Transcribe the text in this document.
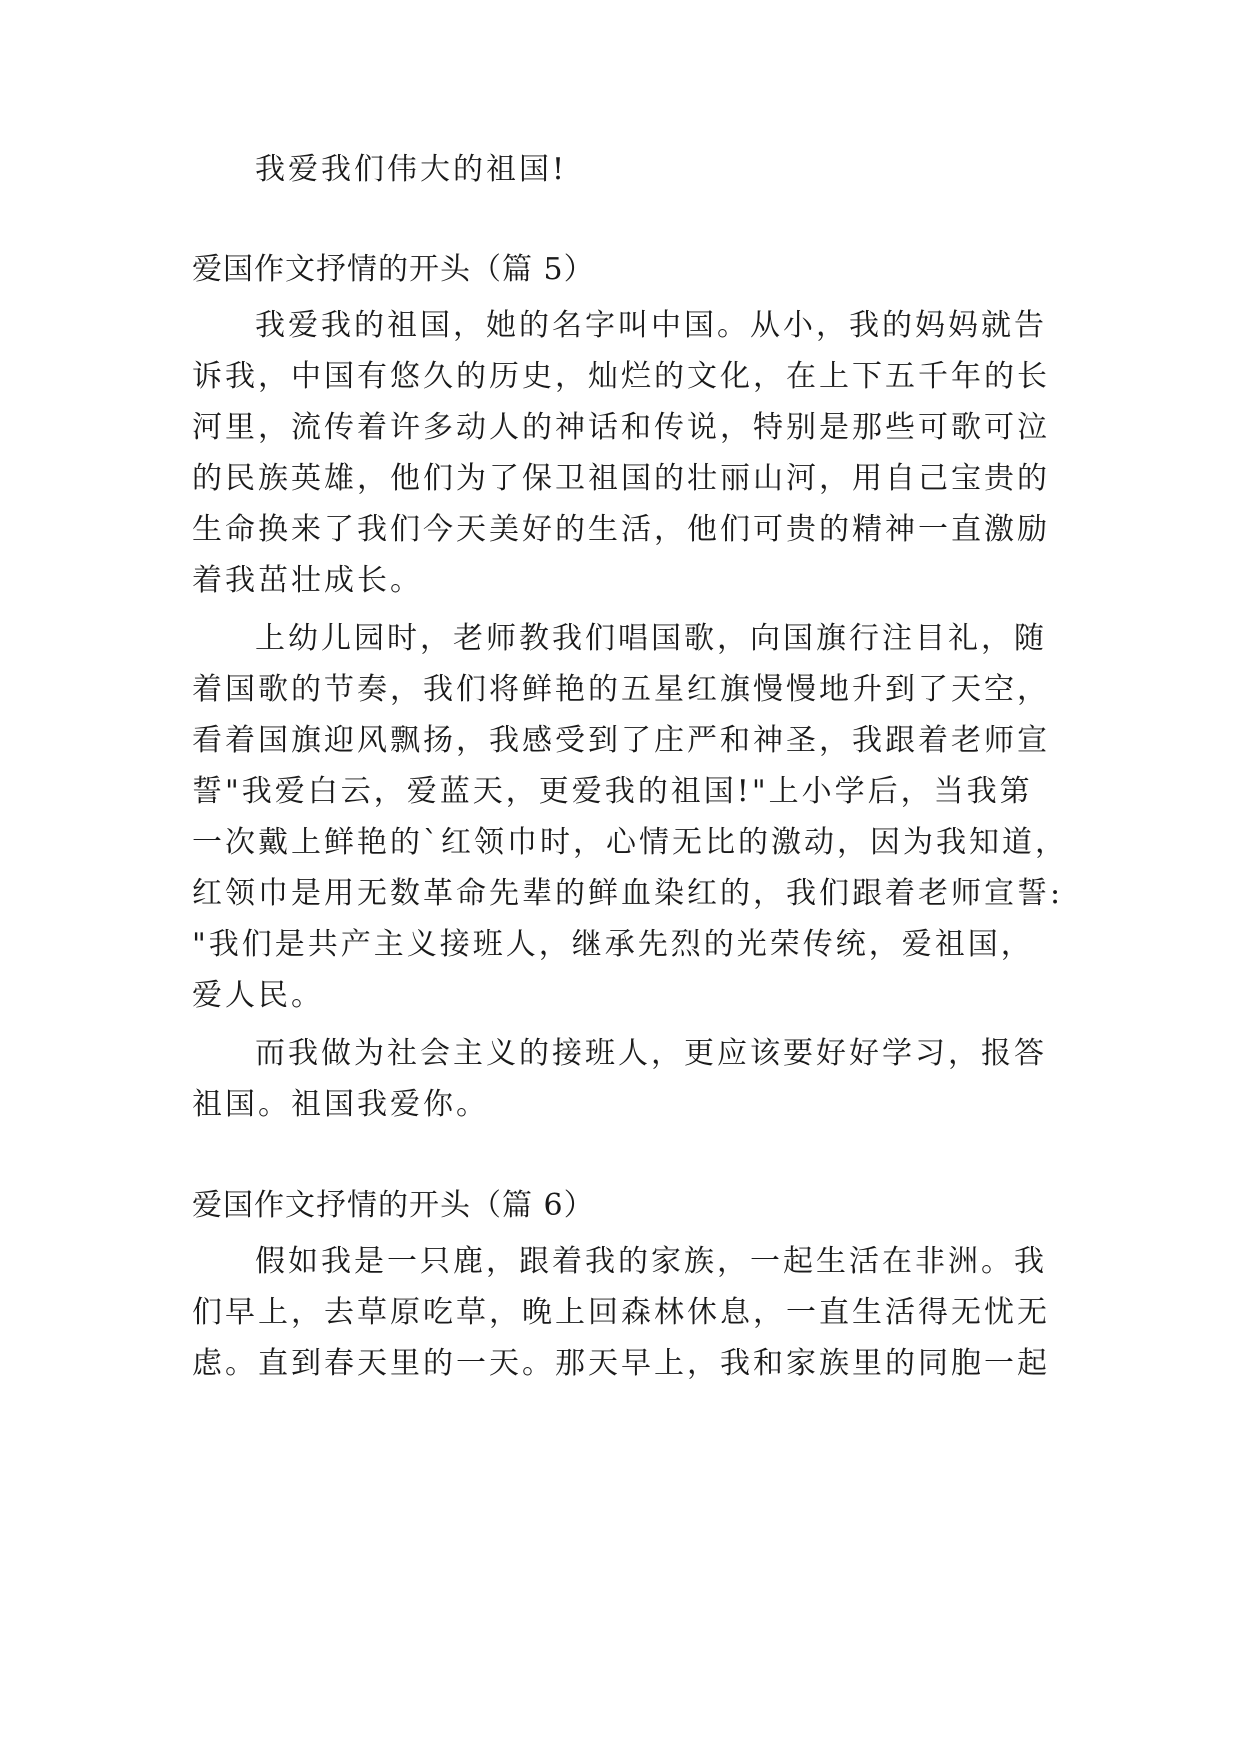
我爱我们伟大的祖国!
爱国作文抒情的开头（篇 5）
我爱我的祖国，她的名字叫中国。从小，我的妈妈就告
诉我，中国有悠久的历史，灿烂的文化，在上下五千年的长
河里，流传着许多动人的神话和传说，特别是那些可歌可泣
的民族英雄，他们为了保卫祖国的壮丽山河，用自己宝贵的
生命换来了我们今天美好的生活，他们可贵的精神一直激励
着我茁壮成长。
上幼儿园时，老师教我们唱国歌，向国旗行注目礼，随
着国歌的节奏，我们将鲜艳的五星红旗慢慢地升到了天空，
看着国旗迎风飘扬，我感受到了庄严和神圣，我跟着老师宣
誓"我爱白云，爱蓝天，更爱我的祖国!"上小学后，当我第
一次戴上鲜艳的`红领巾时，心情无比的激动，因为我知道，
红领巾是用无数革命先辈的鲜血染红的，我们跟着老师宣誓:
"我们是共产主义接班人，继承先烈的光荣传统，爱祖国，
爱人民。
而我做为社会主义的接班人，更应该要好好学习，报答
祖国。祖国我爱你。
爱国作文抒情的开头（篇 6）
假如我是一只鹿，跟着我的家族，一起生活在非洲。我
们早上，去草原吃草，晚上回森林休息，一直生活得无忧无
虑。直到春天里的一天。那天早上，我和家族里的同胞一起
